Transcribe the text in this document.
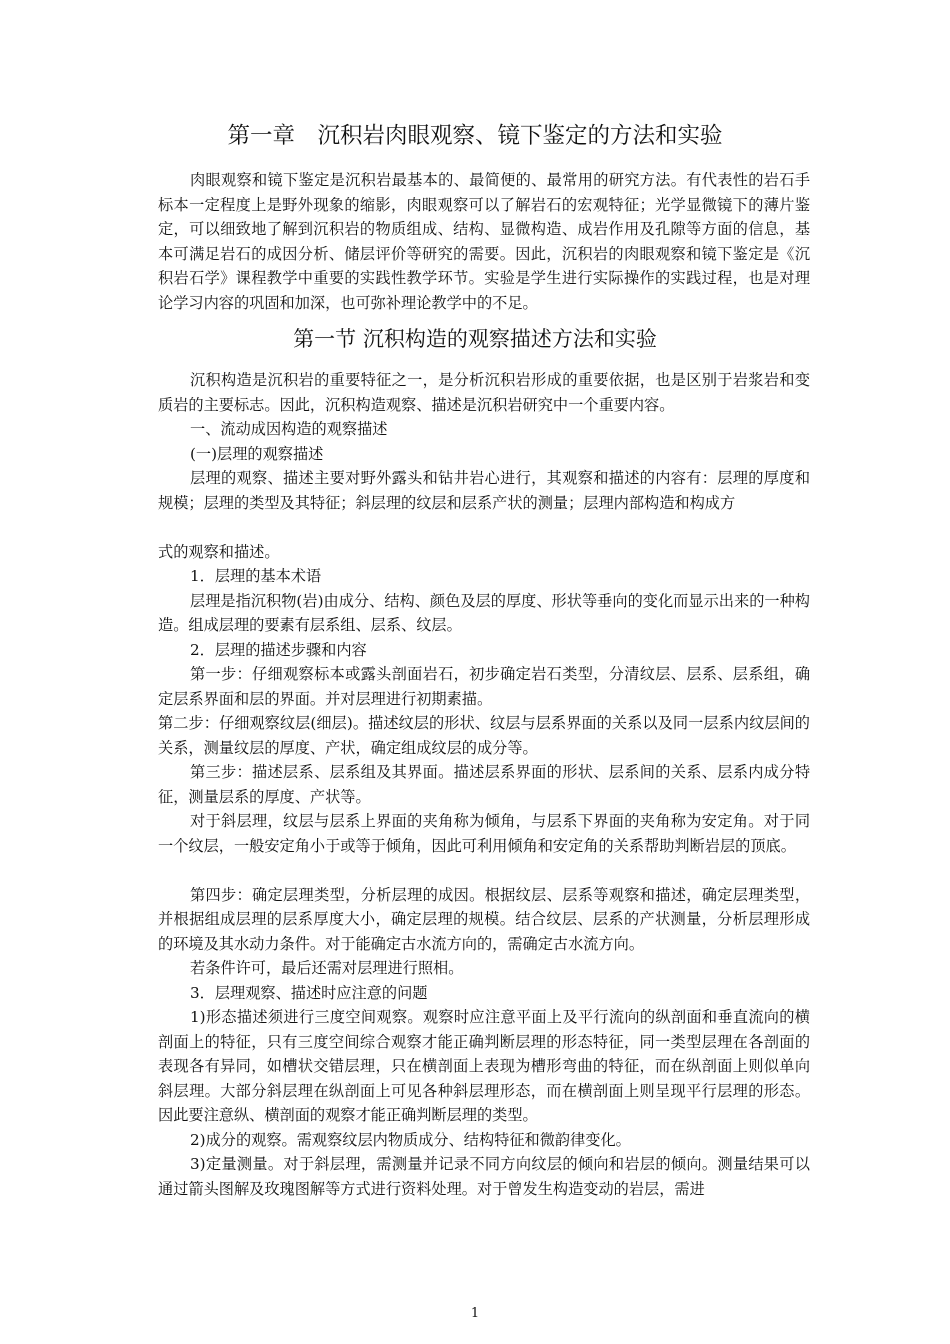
第一章　沉积岩肉眼观察、镜下鉴定的方法和实验
肉眼观察和镜下鉴定是沉积岩最基本的、最简便的、最常用的研究方法。有代表性的岩石手标本一定程度上是野外现象的缩影，肉眼观察可以了解岩石的宏观特征；光学显微镜下的薄片鉴定，可以细致地了解到沉积岩的物质组成、结构、显微构造、成岩作用及孔隙等方面的信息，基本可满足岩石的成因分析、储层评价等研究的需要。因此，沉积岩的肉眼观察和镜下鉴定是《沉积岩石学》课程教学中重要的实践性教学环节。实验是学生进行实际操作的实践过程，也是对理论学习内容的巩固和加深，也可弥补理论教学中的不足。
第一节 沉积构造的观察描述方法和实验
沉积构造是沉积岩的重要特征之一，是分析沉积岩形成的重要依据，也是区别于岩浆岩和变质岩的主要标志。因此，沉积构造观察、描述是沉积岩研究中一个重要内容。
一、流动成因构造的观察描述
(一)层理的观察描述
层理的观察、描述主要对野外露头和钻井岩心进行，其观察和描述的内容有：层理的厚度和规模；层理的类型及其特征；斜层理的纹层和层系产状的测量；层理内部构造和构成方
式的观察和描述。
1．层理的基本术语
层理是指沉积物(岩)由成分、结构、颜色及层的厚度、形状等垂向的变化而显示出来的一种构造。组成层理的要素有层系组、层系、纹层。
2．层理的描述步骤和内容
第一步：仔细观察标本或露头剖面岩石，初步确定岩石类型，分清纹层、层系、层系组，确定层系界面和层的界面。并对层理进行初期素描。
第二步：仔细观察纹层(细层)。描述纹层的形状、纹层与层系界面的关系以及同一层系内纹层间的关系，测量纹层的厚度、产状，确定组成纹层的成分等。
第三步：描述层系、层系组及其界面。描述层系界面的形状、层系间的关系、层系内成分特征，测量层系的厚度、产状等。
对于斜层理，纹层与层系上界面的夹角称为倾角，与层系下界面的夹角称为安定角。对于同一个纹层，一般安定角小于或等于倾角，因此可利用倾角和安定角的关系帮助判断岩层的顶底。
第四步：确定层理类型，分析层理的成因。根据纹层、层系等观察和描述，确定层理类型，并根据组成层理的层系厚度大小，确定层理的规模。结合纹层、层系的产状测量，分析层理形成的环境及其水动力条件。对于能确定古水流方向的，需确定古水流方向。
若条件许可，最后还需对层理进行照相。
3．层理观察、描述时应注意的问题
1)形态描述须进行三度空间观察。观察时应注意平面上及平行流向的纵剖面和垂直流向的横剖面上的特征，只有三度空间综合观察才能正确判断层理的形态特征，同一类型层理在各剖面的表现各有异同，如槽状交错层理，只在横剖面上表现为槽形弯曲的特征，而在纵剖面上则似单向斜层理。大部分斜层理在纵剖面上可见各种斜层理形态，而在横剖面上则呈现平行层理的形态。因此要注意纵、横剖面的观察才能正确判断层理的类型。
2)成分的观察。需观察纹层内物质成分、结构特征和微韵律变化。
3)定量测量。对于斜层理，需测量并记录不同方向纹层的倾向和岩层的倾向。测量结果可以通过箭头图解及玫瑰图解等方式进行资料处理。对于曾发生构造变动的岩层，需进
1
